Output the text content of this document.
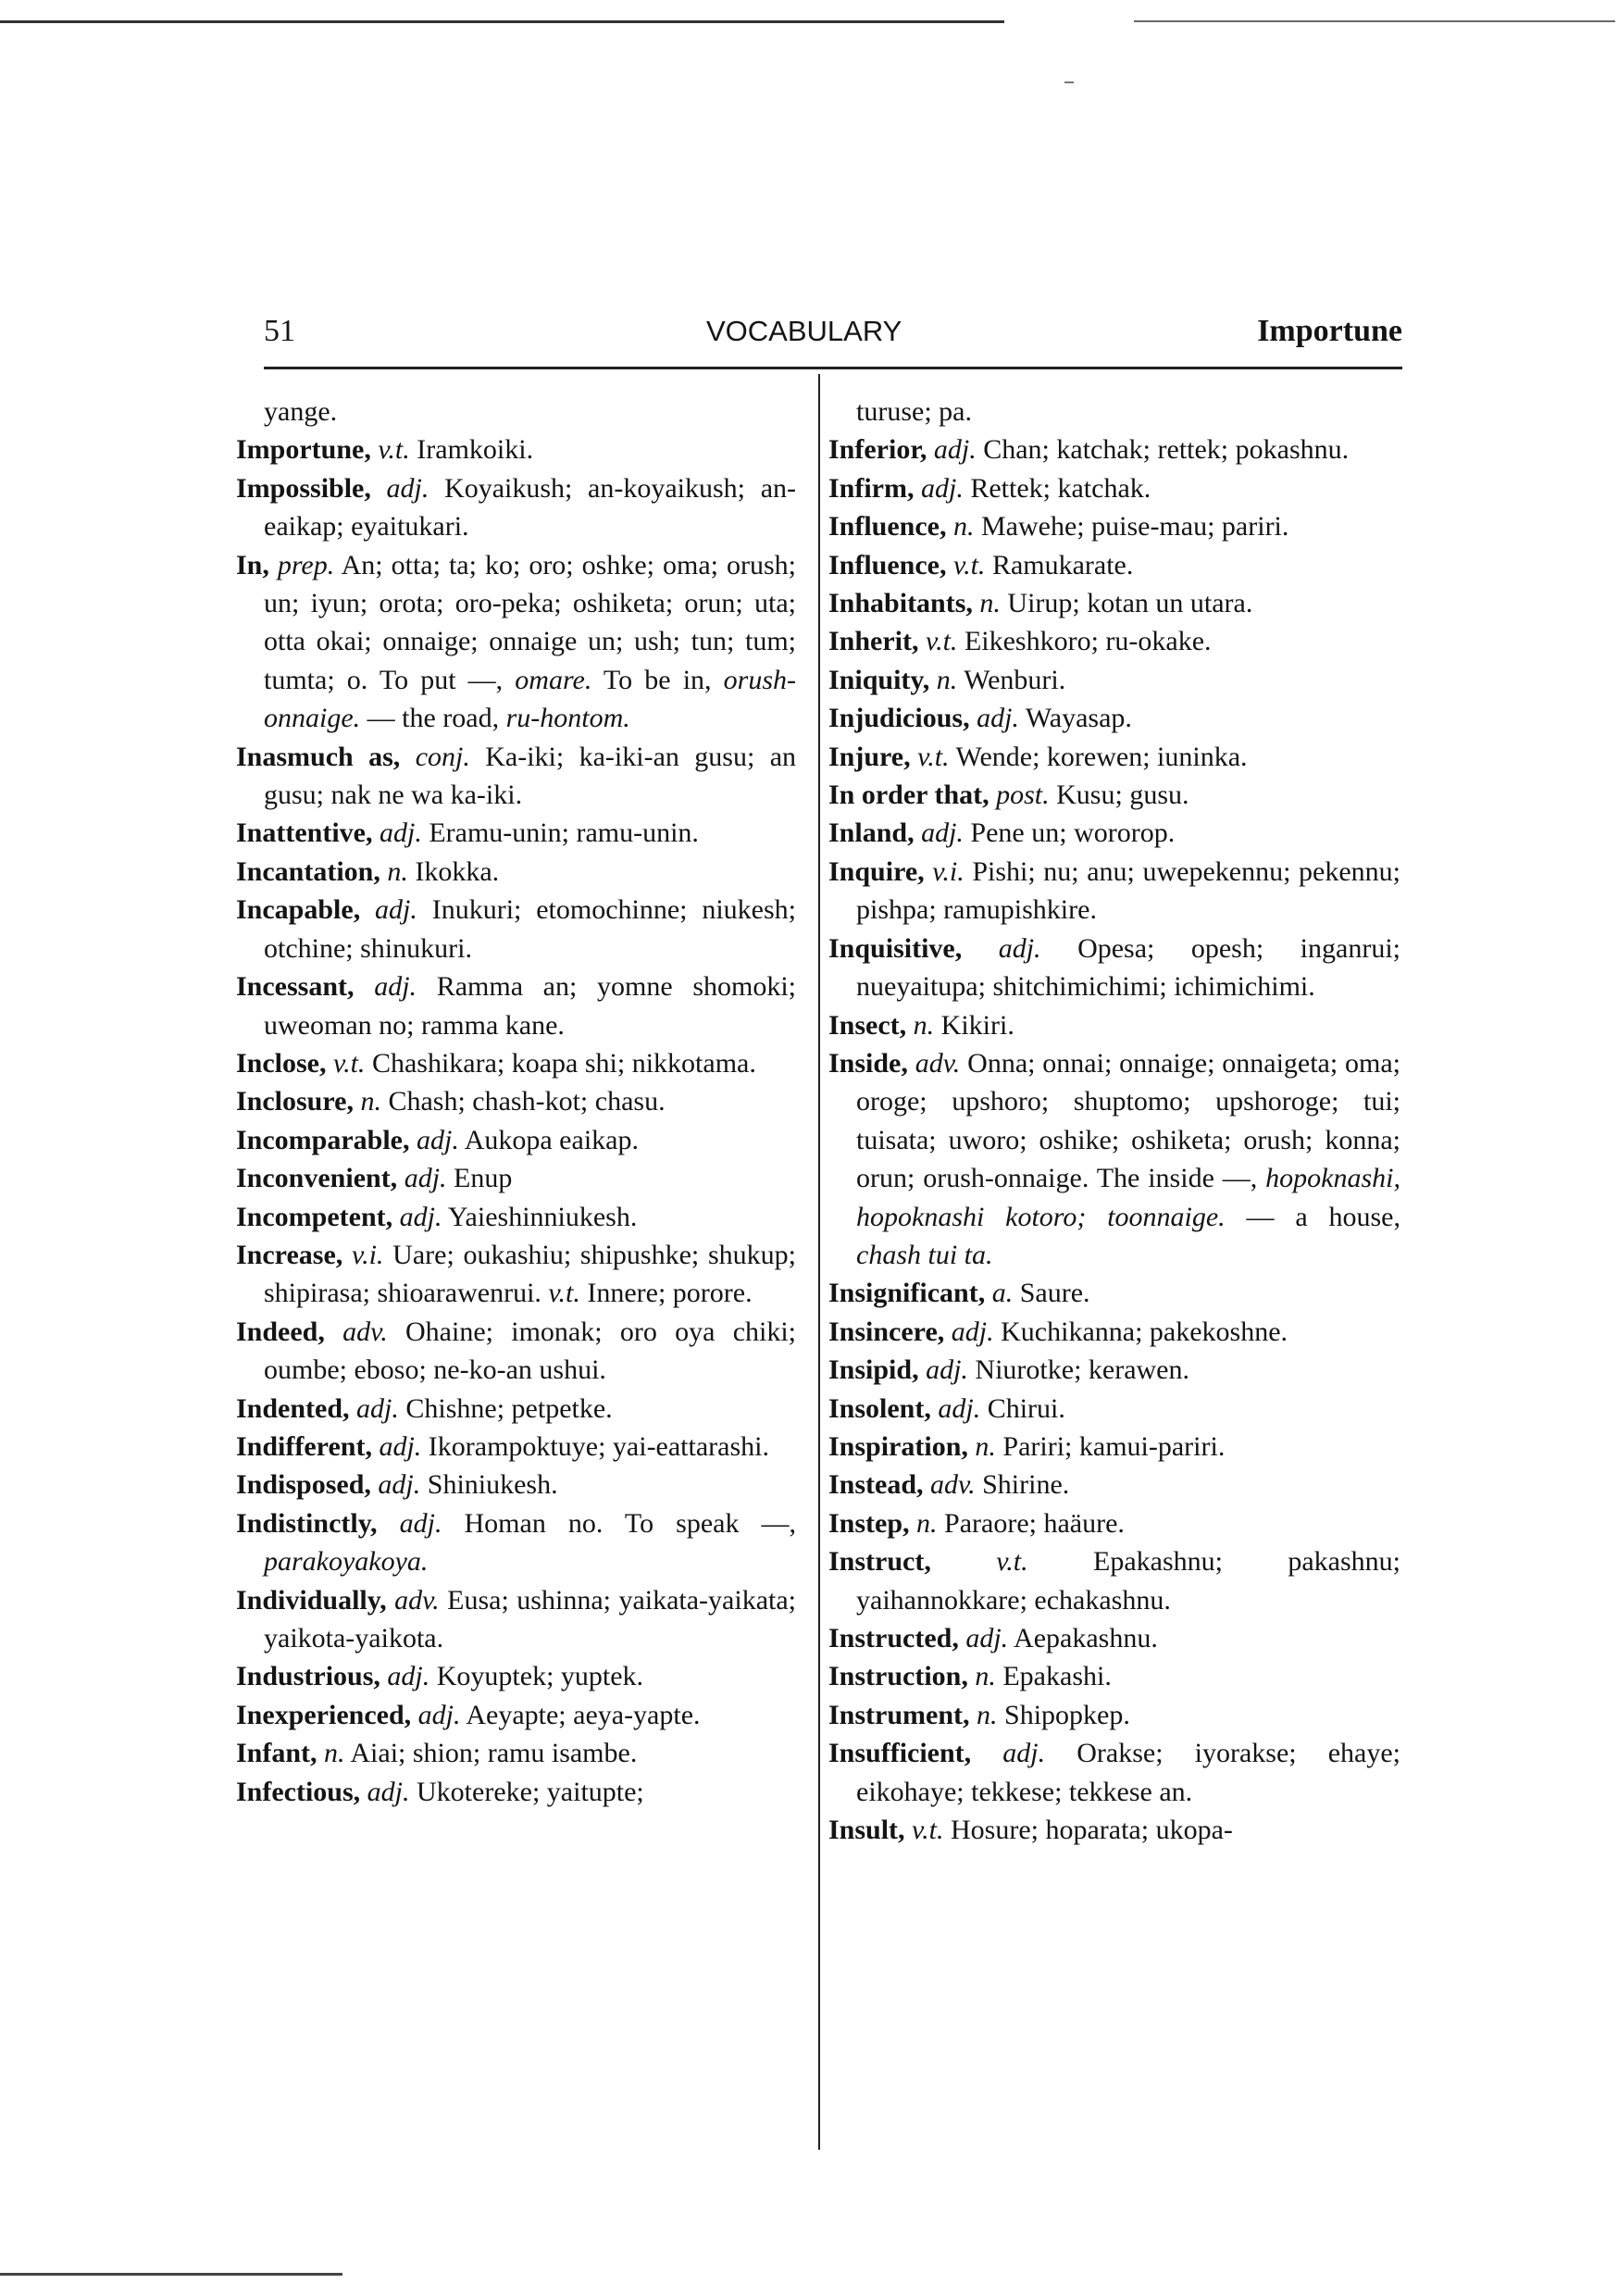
51	VOCABULARY	Importune
yange.
Importune, v.t. Iramkoiki.
Impossible, adj. Koyaikush; an-koyaikush; an-eaikap; eyaitukari.
In, prep. An; otta; ta; ko; oro; oshke; oma; orush; un; iyun; orota; oro-peka; oshiketa; orun; uta; otta okai; onnaige; onnaige un; ush; tun; tum; tumta; o. To put —, omare. To be in, orush-onnaige. — the road, ru-hontom.
Inasmuch as, conj. Ka-iki; ka-iki-an gusu; an gusu; nak ne wa ka-iki.
Inattentive, adj. Eramu-unin; ramu-unin.
Incantation, n. Ikokka.
Incapable, adj. Inukuri; etomochinne; niukesh; otchine; shinukuri.
Incessant, adj. Ramma an; yomne shomoki; uweoman no; ramma kane.
Inclose, v.t. Chashikara; koapa shi; nikkotama.
Inclosure, n. Chash; chash-kot; chasu.
Incomparable, adj. Aukopa eaikap.
Inconvenient, adj. Enup
Incompetent, adj. Yaieshinniukesh.
Increase, v.i. Uare; oukashiu; shipushke; shukup; shipirasa; shioarawenrui. v.t. Innere; porore.
Indeed, adv. Ohaine; imonak; oro oya chiki; oumbe; eboso; ne-ko-an ushui.
Indented, adj. Chishne; petpetke.
Indifferent, adj. Ikorampoktuye; yai-eattarashi.
Indisposed, adj. Shiniukesh.
Indistinctly, adj. Homan no. To speak —, parakoyakoya.
Individually, adv. Eusa; ushinna; yaikata-yaikata; yaikota-yaikota.
Industrious, adj. Koyuptek; yuptek.
Inexperienced, adj. Aeyapte; aeya-yapte.
Infant, n. Aiai; shion; ramu isambe.
Infectious, adj. Ukotereke; yaitupte;
turuse; pa.
Inferior, adj. Chan; katchak; rettek; pokashnu.
Infirm, adj. Rettek; katchak.
Influence, n. Mawehe; puise-mau; pariri.
Influence, v.t. Ramukarate.
Inhabitants, n. Uirup; kotan un utara.
Inherit, v.t. Eikeshkoro; ru-okake.
Iniquity, n. Wenburi.
Injudicious, adj. Wayasap.
Injure, v.t. Wende; korewen; iuninka.
In order that, post. Kusu; gusu.
Inland, adj. Pene un; wororop.
Inquire, v.i. Pishi; nu; anu; uwepekennu; pekennu; pishpa; ramupishkire.
Inquisitive, adj. Opesa; opesh; inganrui; nueyaitupa; shitchimichimi; ichimichimi.
Insect, n. Kikiri.
Inside, adv. Onna; onnai; onnaige; onnaigeta; oma; oroge; upshoro; shuptomo; upshoroge; tui; tuisata; uworo; oshike; oshiketa; orush; konna; orun; orush-onnaige. The inside —, hopoknashi, hopoknashi kotoro; toonnaige. — a house, chash tui ta.
Insignificant, a. Saure.
Insincere, adj. Kuchikanna; pakekoshne.
Insipid, adj. Niurotke; kerawen.
Insolent, adj. Chirui.
Inspiration, n. Pariri; kamui-pariri.
Instead, adv. Shirine.
Instep, n. Paraore; haäure.
Instruct, v.t. Epakashnu; pakashnu; yaihannokkare; echakashnu.
Instructed, adj. Aepakashnu.
Instruction, n. Epakashi.
Instrument, n. Shipopkep.
Insufficient, adj. Orakse; iyorakse; ehaye; eikohaye; tekkese; tekkese an.
Insult, v.t. Hosure; hoparata; ukopa-
